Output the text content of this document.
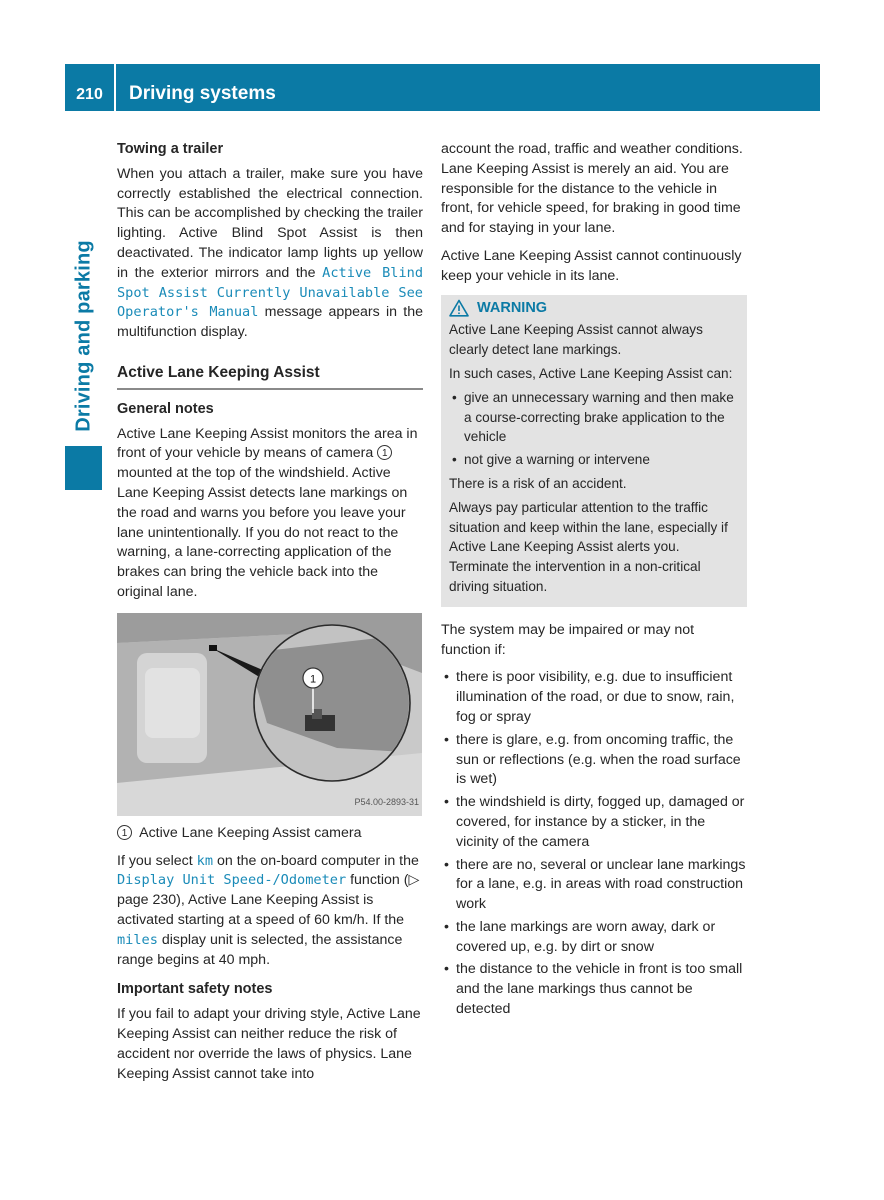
210	Driving systems
Driving and parking
Towing a trailer

When you attach a trailer, make sure you have correctly established the electrical connection. This can be accomplished by checking the trailer lighting. Active Blind Spot Assist is then deactivated. The indicator lamp lights up yellow in the exterior mirrors and the Active Blind Spot Assist Currently Unavailable See Operator's Manual message appears in the multifunction display.

Active Lane Keeping Assist
General notes

Active Lane Keeping Assist monitors the area in front of your vehicle by means of camera 1 mounted at the top of the windshield. Active Lane Keeping Assist detects lane markings on the road and warns you before you leave your lane unintentionally. If you do not react to the warning, a lane-correcting application of the brakes can bring the vehicle back into the original lane.

1
P54.00-2893-31

1 Active Lane Keeping Assist camera

If you select km on the on-board computer in the Display Unit Speed-/Odometer function (▷ page 230), Active Lane Keeping Assist is activated starting at a speed of 60 km/h. If the miles display unit is selected, the assistance range begins at 40 mph.

Important safety notes

If you fail to adapt your driving style, Active Lane Keeping Assist can neither reduce the risk of accident nor override the laws of physics. Lane Keeping Assist cannot take into

account the road, traffic and weather conditions. Lane Keeping Assist is merely an aid. You are responsible for the distance to the vehicle in front, for vehicle speed, for braking in good time and for staying in your lane.

Active Lane Keeping Assist cannot continuously keep your vehicle in its lane.

WARNING

Active Lane Keeping Assist cannot always clearly detect lane markings.

In such cases, Active Lane Keeping Assist can:

• give an unnecessary warning and then make a course-correcting brake application to the vehicle
• not give a warning or intervene

There is a risk of an accident.

Always pay particular attention to the traffic situation and keep within the lane, especially if Active Lane Keeping Assist alerts you. Terminate the intervention in a non-critical driving situation.

The system may be impaired or may not function if:

• there is poor visibility, e.g. due to insufficient illumination of the road, or due to snow, rain, fog or spray
• there is glare, e.g. from oncoming traffic, the sun or reflections (e.g. when the road surface is wet)
• the windshield is dirty, fogged up, damaged or covered, for instance by a sticker, in the vicinity of the camera
• there are no, several or unclear lane markings for a lane, e.g. in areas with road construction work
• the lane markings are worn away, dark or covered up, e.g. by dirt or snow
• the distance to the vehicle in front is too small and the lane markings thus cannot be detected
